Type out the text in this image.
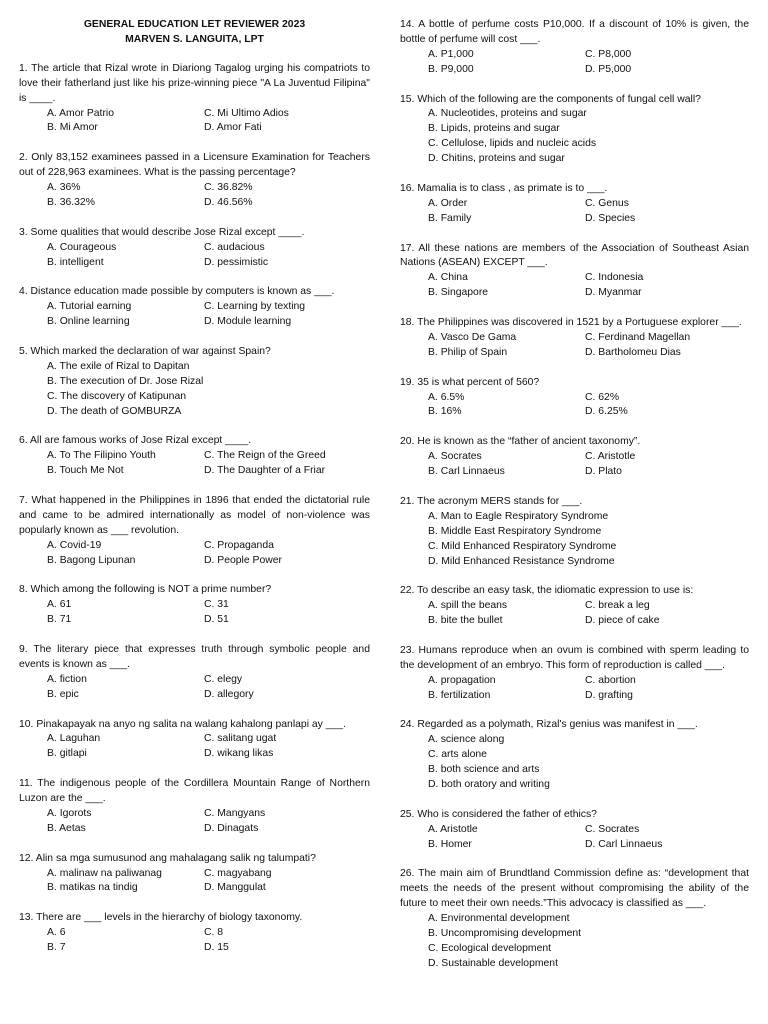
GENERAL EDUCATION LET REVIEWER 2023
MARVEN S. LANGUITA, LPT
1. The article that Rizal wrote in Diariong Tagalog urging his compatriots to love their fatherland just like his prize-winning piece "A La Juventud Filipina" is ____.
A. Amor Patrio	C. Mi Ultimo Adios
B. Mi Amor	D. Amor Fati
2. Only 83,152 examinees passed in a Licensure Examination for Teachers out of 228,963 examinees. What is the passing percentage?
A. 36%	C. 36.82%
B. 36.32%	D. 46.56%
3. Some qualities that would describe Jose Rizal except ____.
A. Courageous	C. audacious
B. intelligent	D. pessimistic
4. Distance education made possible by computers is known as ___.
A. Tutorial earning	C. Learning by texting
B. Online learning	D. Module learning
5. Which marked the declaration of war against Spain?
A. The exile of Rizal to Dapitan
B. The execution of Dr. Jose Rizal
C. The discovery of Katipunan
D. The death of GOMBURZA
6. All are famous works of Jose Rizal except ____.
A. To The Filipino Youth	C. The Reign of the Greed
B. Touch Me Not	D. The Daughter of a Friar
7. What happened in the Philippines in 1896 that ended the dictatorial rule and came to be admired internationally as model of non-violence was popularly known as ___ revolution.
A. Covid-19	C. Propaganda
B. Bagong Lipunan	D. People Power
8. Which among the following is NOT a prime number?
A. 61	C. 31
B. 71	D. 51
9. The literary piece that expresses truth through symbolic people and events is known as ___.
A. fiction	C. elegy
B. epic	D. allegory
10. Pinakapayak na anyo ng salita na walang kahalong panlapi ay ___.
A. Laguhan	C. salitang ugat
B. gitlapi	D. wikang likas
11. The indigenous people of the Cordillera Mountain Range of Northern Luzon are the ___.
A. Igorots	C. Mangyans
B. Aetas	D. Dinagats
12. Alin sa mga sumusunod ang mahalagang salik ng talumpati?
A. malinaw na paliwanag	C. magyabang
B. matikas na tindig	D. Manggulat
13. There are ___ levels in the hierarchy of biology taxonomy.
A. 6	C. 8
B. 7	D. 15
14. A bottle of perfume costs P10,000. If a discount of 10% is given, the bottle of perfume will cost ___.
A. P1,000	C. P8,000
B. P9,000	D. P5,000
15. Which of the following are the components of fungal cell wall?
A. Nucleotides, proteins and sugar
B. Lipids, proteins and sugar
C. Cellulose, lipids and nucleic acids
D. Chitins, proteins and sugar
16. Mamalia is to class , as primate is to ___.
A. Order	C. Genus
B. Family	D. Species
17. All these nations are members of the Association of Southeast Asian Nations (ASEAN) EXCEPT ___.
A. China	C. Indonesia
B. Singapore	D. Myanmar
18. The Philippines was discovered in 1521 by a Portuguese explorer ___.
A. Vasco De Gama	C. Ferdinand Magellan
B. Philip of Spain	D. Bartholomeu Dias
19. 35 is what percent of 560?
A. 6.5%	C. 62%
B. 16%	D. 6.25%
20. He is known as the “father of ancient taxonomy”.
A. Socrates	C. Aristotle
B. Carl Linnaeus	D. Plato
21. The acronym MERS stands for ___.
A. Man to Eagle Respiratory Syndrome
B. Middle East Respiratory Syndrome
C. Mild Enhanced Respiratory Syndrome
D. Mild Enhanced Resistance Syndrome
22. To describe an easy task, the idiomatic expression to use is:
A. spill the beans	C. break a leg
B. bite the bullet	D. piece of cake
23. Humans reproduce when an ovum is combined with sperm leading to the development of an embryo. This form of reproduction is called ___.
A. propagation	C. abortion
B. fertilization	D. grafting
24. Regarded as a polymath, Rizal's genius was manifest in ___.
A. science along
C. arts alone
B. both science and arts
D. both oratory and writing
25. Who is considered the father of ethics?
A. Aristotle	C. Socrates
B. Homer	D. Carl Linnaeus
26. The main aim of Brundtland Commission define as: “development that meets the needs of the present without compromising the ability of the future to meet their own needs.”This advocacy is classified as ___.
A. Environmental development
B. Uncompromising development
C. Ecological development
D. Sustainable development
